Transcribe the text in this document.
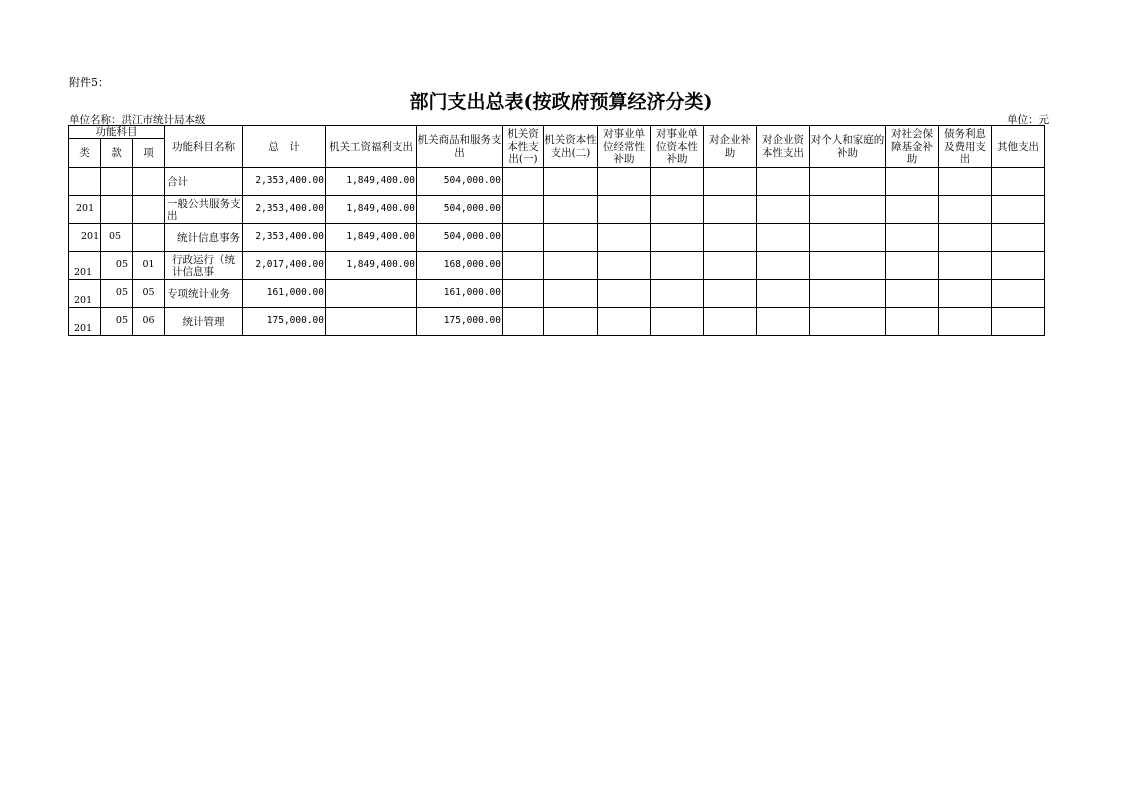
附件5：
部门支出总表(按政府预算经济分类)
单位名称：洪江市统计局本级	单位：元
功能科目			功能科目名称	总　计	机关工资福利支出	机关商品和服务支出	机关资本性支出(一)	机关资本性支出(二)	对事业单位经常性补助	对事业单位资本性补助	对企业补助	对企业资本性支出	对个人和家庭的补助	对社会保障基金补助	债务利息及费用支出	其他支出
类	款	项														
			合计	2,353,400.00	1,849,400.00	504,000.00										
201			一般公共服务支出	2,353,400.00	1,849,400.00	504,000.00										
201	05		统计信息事务	2,353,400.00	1,849,400.00	504,000.00										
201	05	01	行政运行（统计信息事	2,017,400.00	1,849,400.00	168,000.00										
201	05	05	专项统计业务	161,000.00		161,000.00										
201	05	06	统计管理	175,000.00		175,000.00										
